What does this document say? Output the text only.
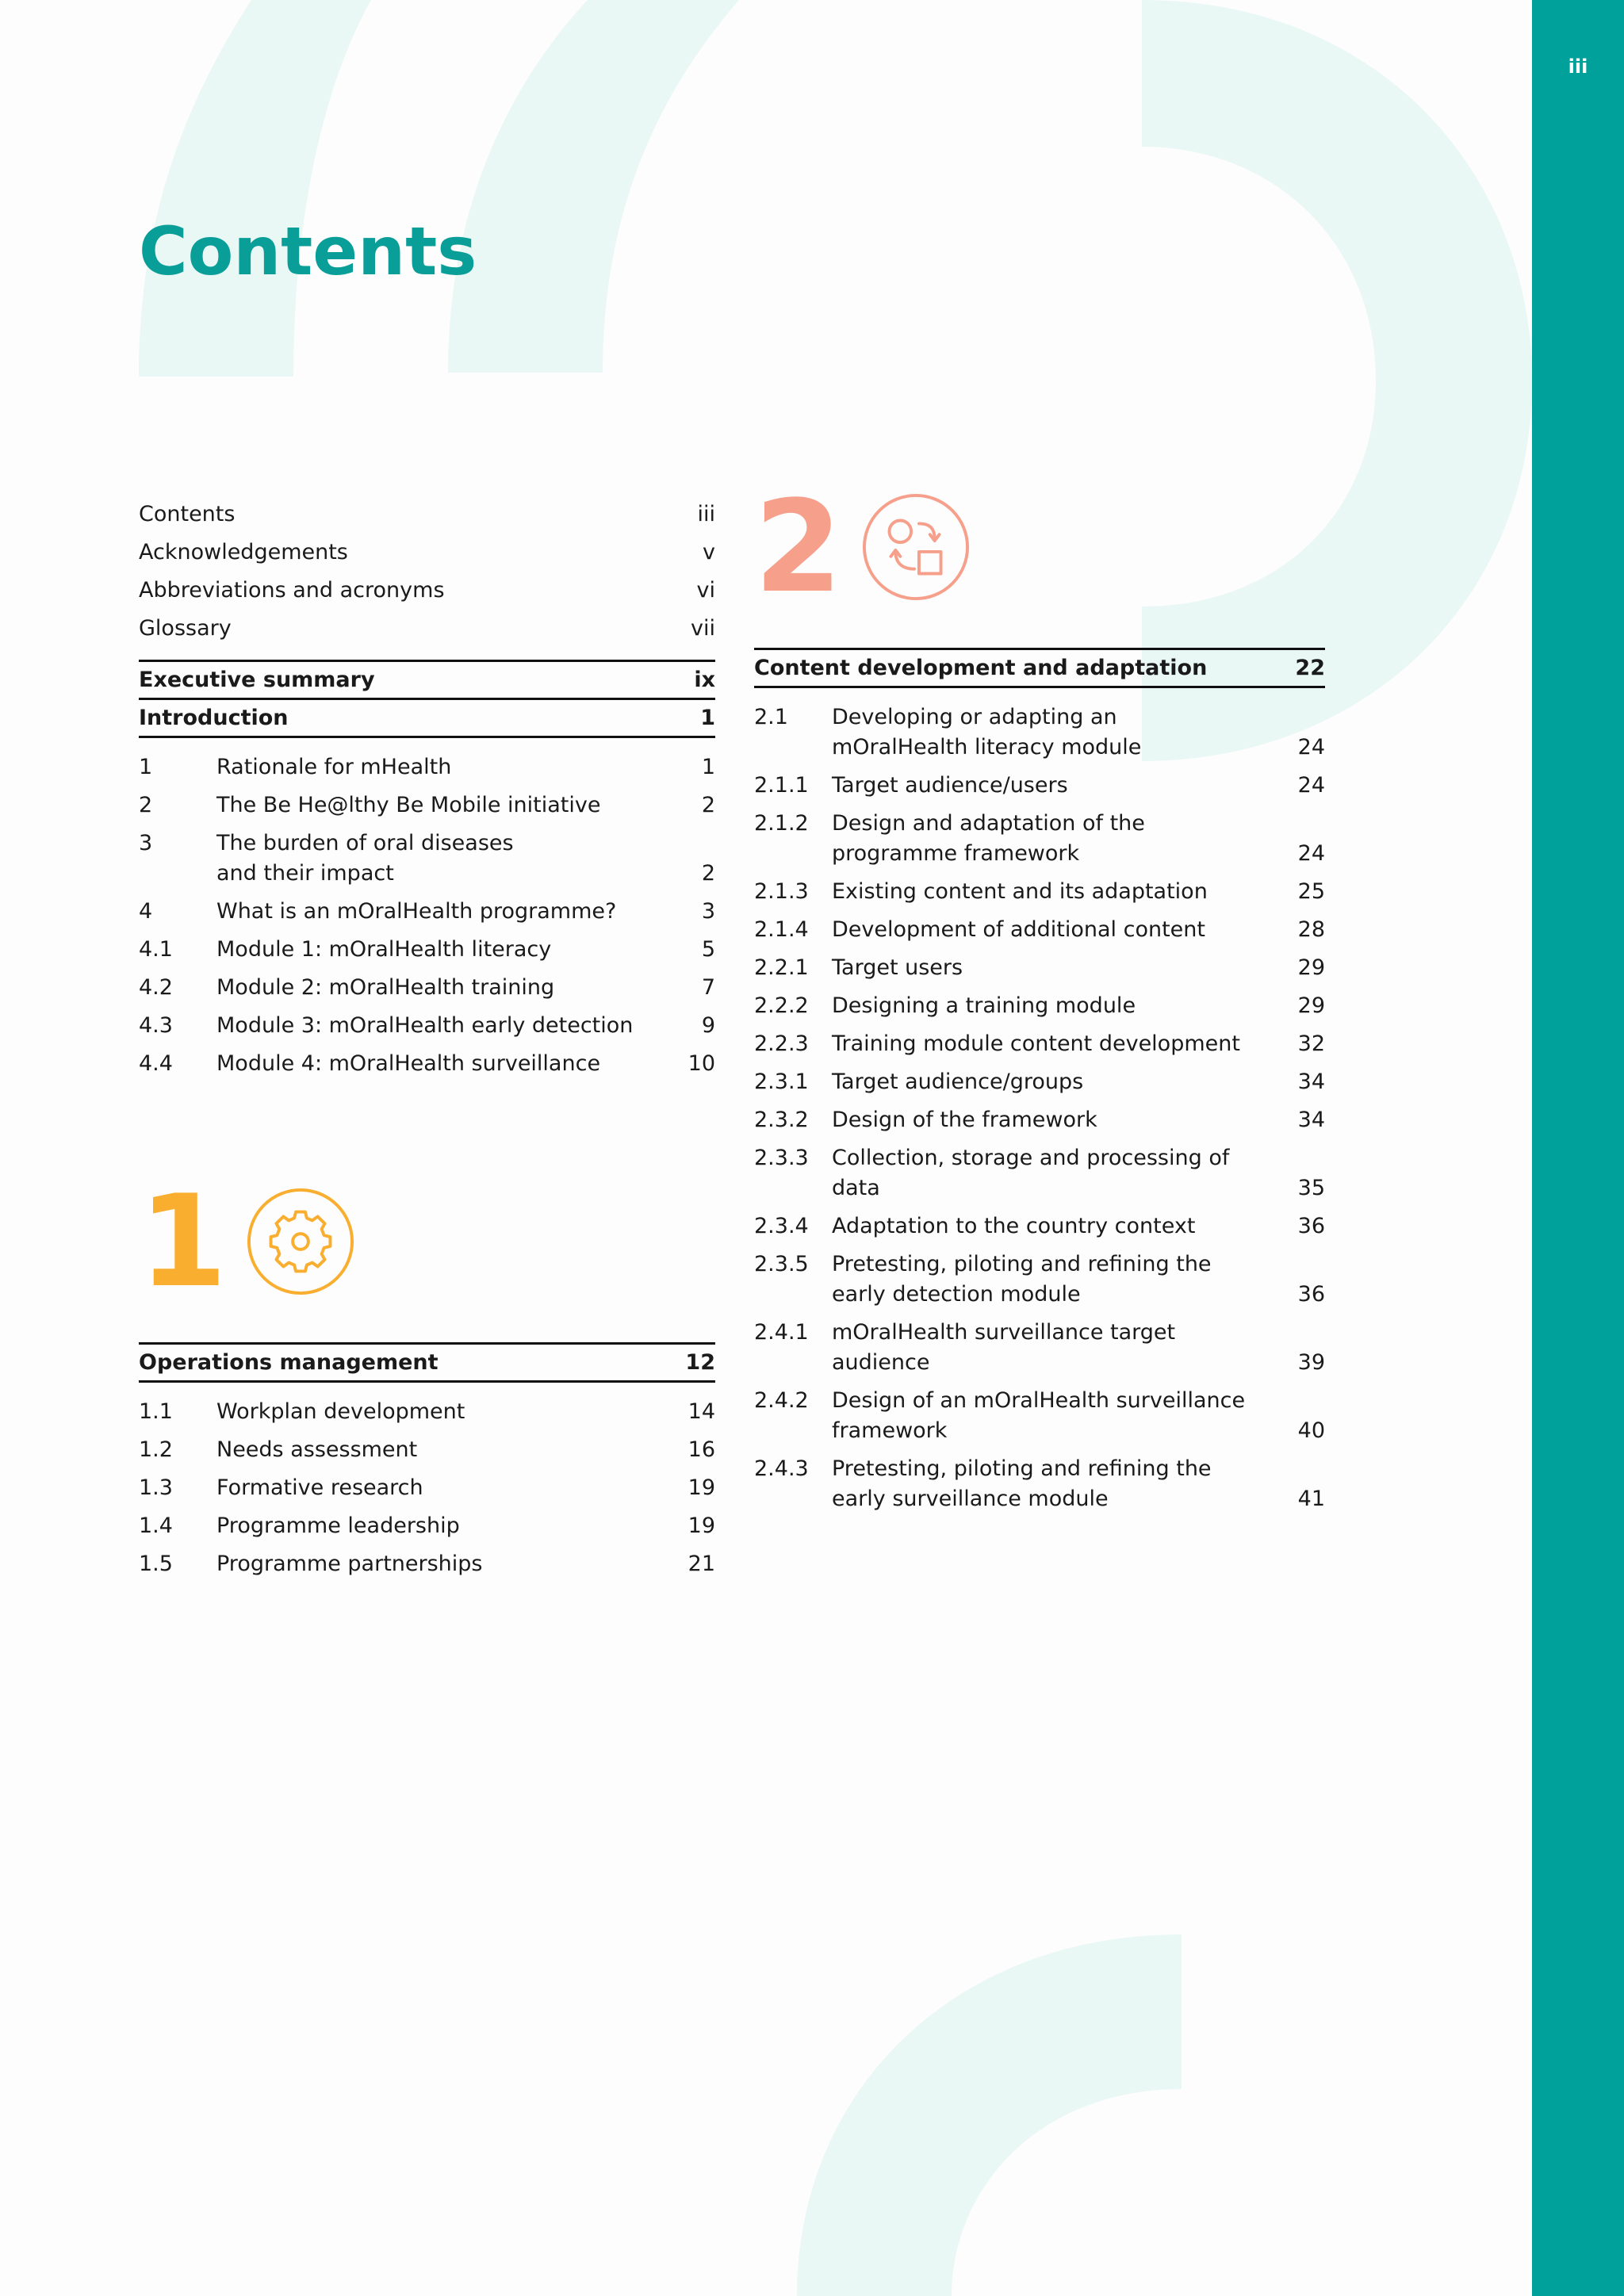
iii
Contents
Contents	iii
Acknowledgements	v
Abbreviations and acronyms	vi
Glossary	vii
Executive summary	ix
Introduction	1
1	Rationale for mHealth	1
2	The Be He@lthy Be Mobile initiative	2
3	The burden of oral diseases and their impact	2
4	What is an mOralHealth programme?	3
4.1	Module 1: mOralHealth literacy	5
4.2	Module 2: mOralHealth training	7
4.3	Module 3: mOralHealth early detection	9
4.4	Module 4: mOralHealth surveillance	10
1
Operations management	12
1.1	Workplan development	14
1.2	Needs assessment	16
1.3	Formative research	19
1.4	Programme leadership	19
1.5	Programme partnerships	21
2
Content development and adaptation	22
2.1	Developing or adapting an mOralHealth literacy module	24
2.1.1	Target audience/users	24
2.1.2	Design and adaptation of the programme framework	24
2.1.3	Existing content and its adaptation	25
2.1.4	Development of additional content	28
2.2.1	Target users	29
2.2.2	Designing a training module	29
2.2.3	Training module content development	32
2.3.1	Target audience/groups	34
2.3.2	Design of the framework	34
2.3.3	Collection, storage and processing of data	35
2.3.4	Adaptation to the country context	36
2.3.5	Pretesting, piloting and refining the early detection module	36
2.4.1	mOralHealth surveillance target audience	39
2.4.2	Design of an mOralHealth surveillance framework	40
2.4.3	Pretesting, piloting and refining the early surveillance module	41
